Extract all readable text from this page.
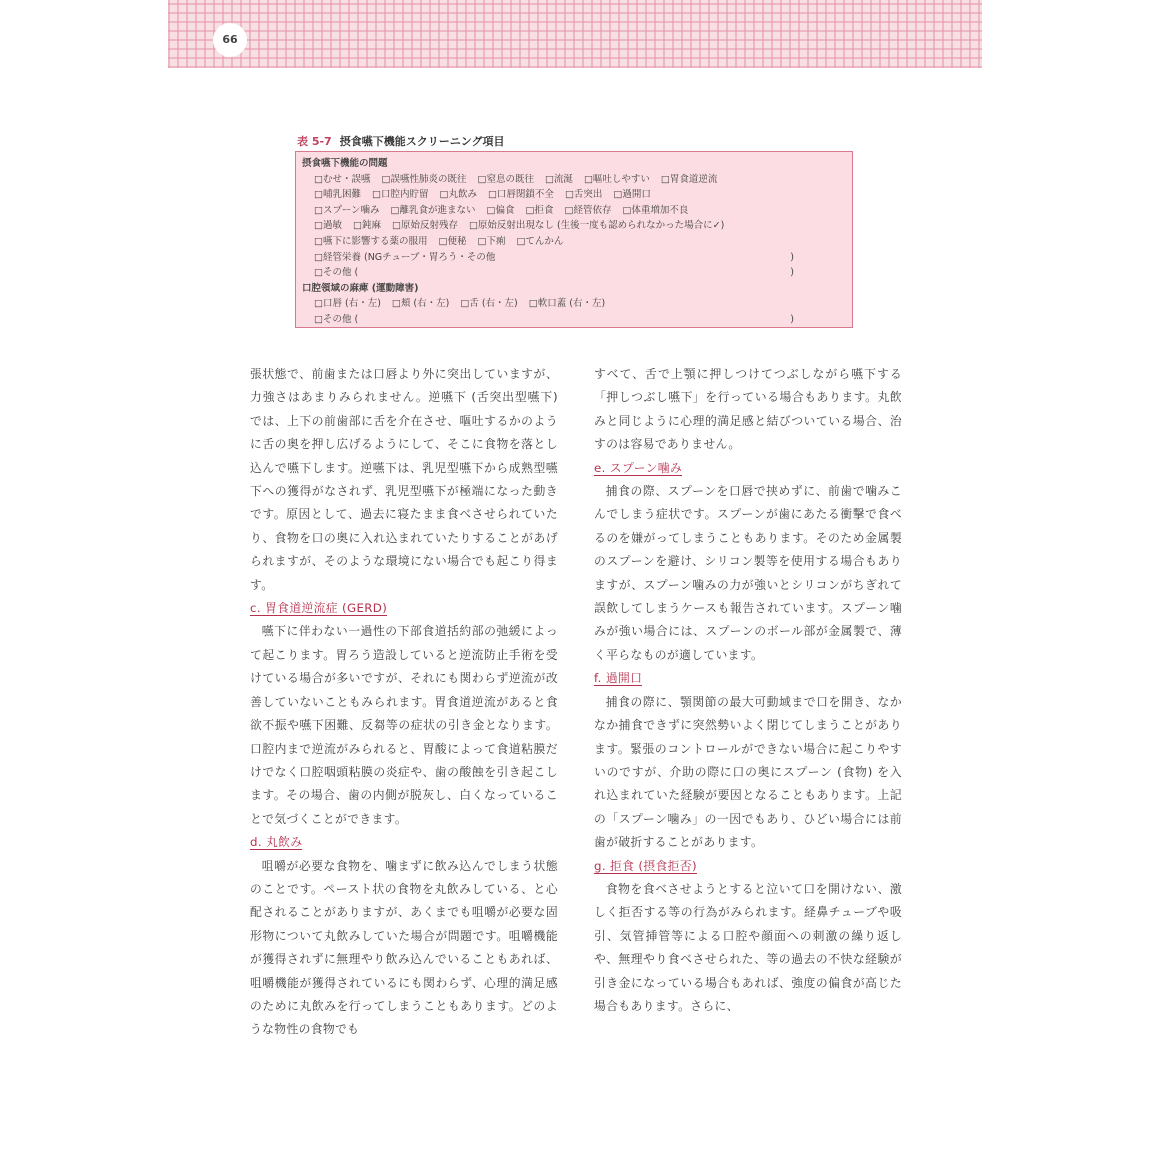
66
表 5-7 摂食嚥下機能スクリーニング項目
摂食嚥下機能の問題
□むせ・誤嚥 □誤嚥性肺炎の既往 □窒息の既往 □流涎 □嘔吐しやすい □胃食道逆流
□哺乳困難 □口腔内貯留 □丸飲み □口唇閉鎖不全 □舌突出 □過開口
□スプーン噛み □離乳食が進まない □偏食 □拒食 □経管依存 □体重増加不良
□過敏 □鈍麻 □原始反射残存 □原始反射出現なし (生後一度も認められなかった場合に✓)
□嚥下に影響する薬の服用 □便秘 □下痢 □てんかん
□経管栄養 (NGチューブ・胃ろう・その他	)
□その他 (	)
口腔領域の麻痺 (運動障害)
□口唇 (右・左) □頬 (右・左) □舌 (右・左) □軟口蓋 (右・左)
□その他 (	)

張状態で、前歯または口唇より外に突出していますが、力強さはあまりみられません。逆嚥下 (舌突出型嚥下) では、上下の前歯部に舌を介在させ、嘔吐するかのように舌の奥を押し広げるようにして、そこに食物を落とし込んで嚥下します。逆嚥下は、乳児型嚥下から成熟型嚥下への獲得がなされず、乳児型嚥下が極端になった動きです。原因として、過去に寝たまま食べさせられていたり、食物を口の奥に入れ込まれていたりすることがあげられますが、そのような環境にない場合でも起こり得ます。

c. 胃食道逆流症 (GERD)

嚥下に伴わない一過性の下部食道括約部の弛緩によって起こります。胃ろう造設していると逆流防止手術を受けている場合が多いですが、それにも関わらず逆流が改善していないこともみられます。胃食道逆流があると食欲不振や嚥下困難、反芻等の症状の引き金となります。口腔内まで逆流がみられると、胃酸によって食道粘膜だけでなく口腔咽頭粘膜の炎症や、歯の酸蝕を引き起こします。その場合、歯の内側が脱灰し、白くなっていることで気づくことができます。

d. 丸飲み

咀嚼が必要な食物を、噛まずに飲み込んでしまう状態のことです。ペースト状の食物を丸飲みしている、と心配されることがありますが、あくまでも咀嚼が必要な固形物について丸飲みしていた場合が問題です。咀嚼機能が獲得されずに無理やり飲み込んでいることもあれば、咀嚼機能が獲得されているにも関わらず、心理的満足感のために丸飲みを行ってしまうこともあります。どのような物性の食物でも

すべて、舌で上顎に押しつけてつぶしながら嚥下する「押しつぶし嚥下」を行っている場合もあります。丸飲みと同じように心理的満足感と結びついている場合、治すのは容易でありません。

e. スプーン噛み

捕食の際、スプーンを口唇で挟めずに、前歯で噛みこんでしまう症状です。スプーンが歯にあたる衝撃で食べるのを嫌がってしまうこともあります。そのため金属製のスプーンを避け、シリコン製等を使用する場合もありますが、スプーン噛みの力が強いとシリコンがちぎれて誤飲してしまうケースも報告されています。スプーン噛みが強い場合には、スプーンのボール部が金属製で、薄く平らなものが適しています。

f. 過開口

捕食の際に、顎関節の最大可動域まで口を開き、なかなか捕食できずに突然勢いよく閉じてしまうことがあります。緊張のコントロールができない場合に起こりやすいのですが、介助の際に口の奥にスプーン (食物) を入れ込まれていた経験が要因となることもあります。上記の「スプーン噛み」の一因でもあり、ひどい場合には前歯が破折することがあります。

g. 拒食 (摂食拒否)

食物を食べさせようとすると泣いて口を開けない、激しく拒否する等の行為がみられます。経鼻チューブや吸引、気管挿管等による口腔や顔面への刺激の繰り返しや、無理やり食べさせられた、等の過去の不快な経験が引き金になっている場合もあれば、強度の偏食が高じた場合もあります。さらに、
